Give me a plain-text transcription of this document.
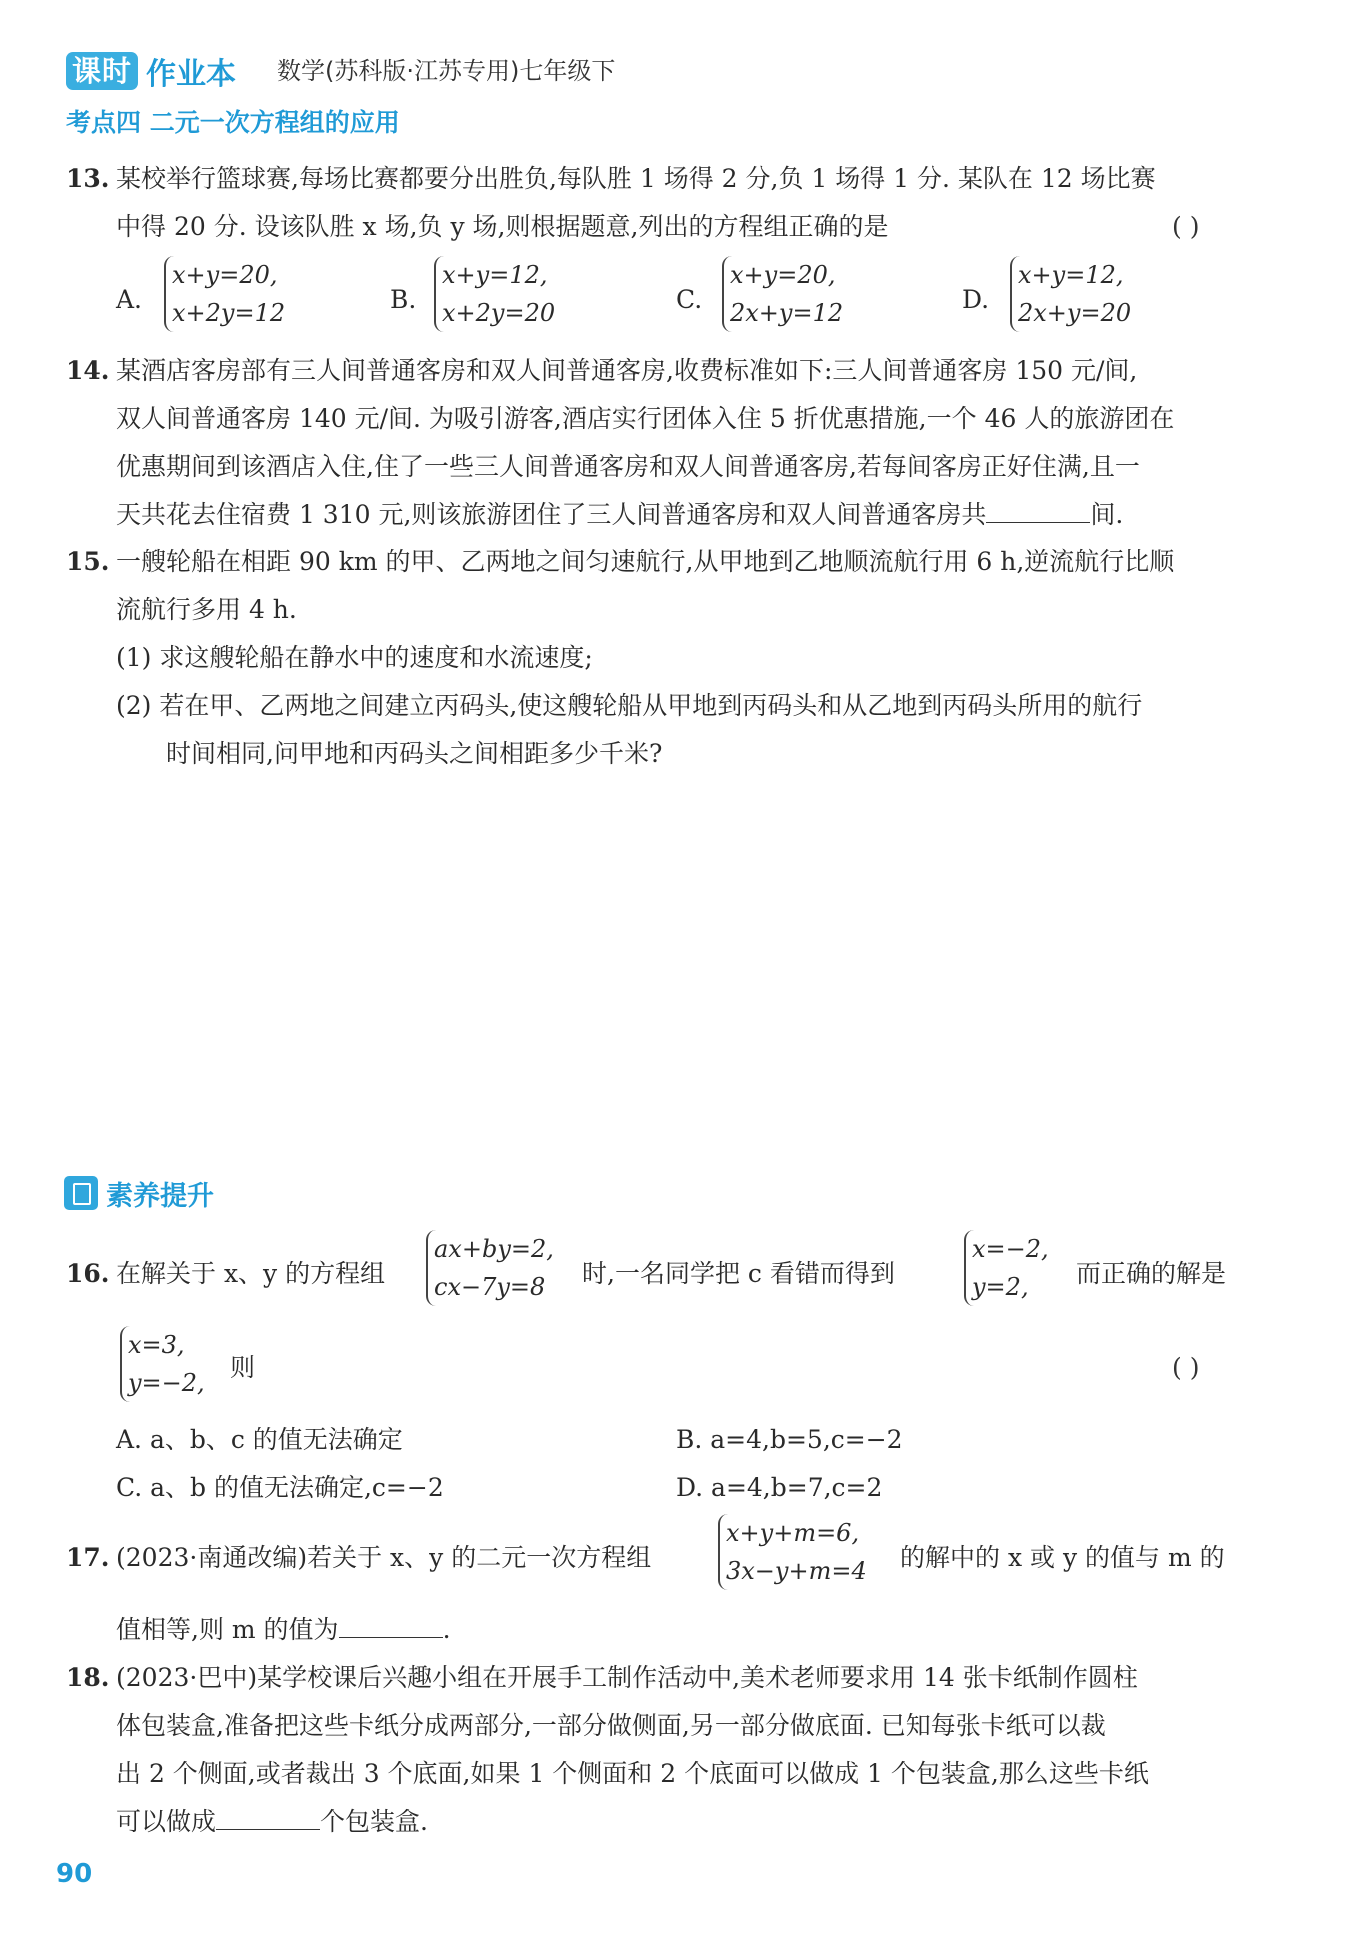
课时 作业本 数学(苏科版·江苏专用)七年级下
考点四 二元一次方程组的应用
13. 某校举行篮球赛,每场比赛都要分出胜负,每队胜 1 场得 2 分,负 1 场得 1 分. 某队在 12 场比赛
中得 20 分. 设该队胜 x 场,负 y 场,则根据题意,列出的方程组正确的是	( )
A.
x+y=20,
x+2y=12	B.
x+y=12,
x+2y=20	C.
x+y=20,
2x+y=12	D.
x+y=12,
2x+y=20
14. 某酒店客房部有三人间普通客房和双人间普通客房,收费标准如下:三人间普通客房 150 元/间,
双人间普通客房 140 元/间. 为吸引游客,酒店实行团体入住 5 折优惠措施,一个 46 人的旅游团在
优惠期间到该酒店入住,住了一些三人间普通客房和双人间普通客房,若每间客房正好住满,且一
天共花去住宿费 1 310 元,则该旅游团住了三人间普通客房和双人间普通客房共	间.
15. 一艘轮船在相距 90 km 的甲、乙两地之间匀速航行,从甲地到乙地顺流航行用 6 h,逆流航行比顺
流航行多用 4 h.
(1) 求这艘轮船在静水中的速度和水流速度;
(2) 若在甲、乙两地之间建立丙码头,使这艘轮船从甲地到丙码头和从乙地到丙码头所用的航行
时间相同,问甲地和丙码头之间相距多少千米?
素养提升
16. 在解关于 x、y 的方程组
ax+by=2,
cx−7y=8	时,一名同学把 c 看错而得到
x=−2,
y=2,	而正确的解是
x=3,
y=−2,
则	( )
A. a、b、c 的值无法确定	B. a=4,b=5,c=−2
C. a、b 的值无法确定,c=−2	D. a=4,b=7,c=2
17. (2023·南通改编)若关于 x、y 的二元一次方程组
x+y+m=6,
3x−y+m=4 的解中的 x 或 y 的值与 m 的
值相等,则 m 的值为	.
18. (2023·巴中)某学校课后兴趣小组在开展手工制作活动中,美术老师要求用 14 张卡纸制作圆柱
体包装盒,准备把这些卡纸分成两部分,一部分做侧面,另一部分做底面. 已知每张卡纸可以裁
出 2 个侧面,或者裁出 3 个底面,如果 1 个侧面和 2 个底面可以做成 1 个包装盒,那么这些卡纸
可以做成	个包装盒.
90
